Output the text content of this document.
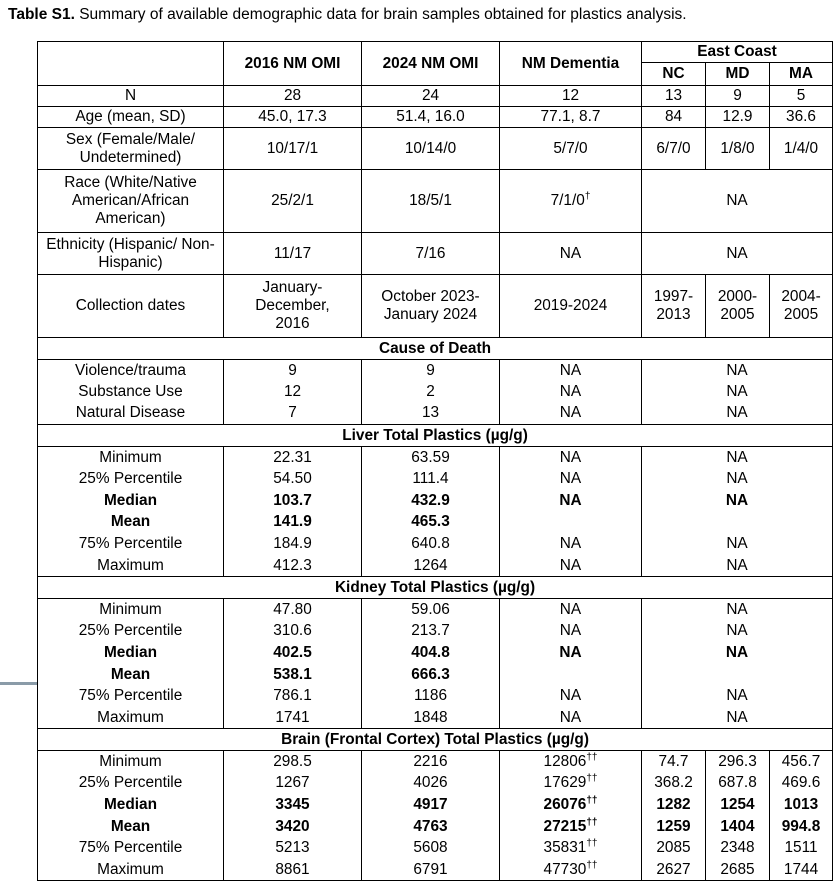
Table S1. Summary of available demographic data for brain samples obtained for plastics analysis.
	2016 NM OMI	2024 NM OMI	NM Dementia	East Coast		
				NC	MD	MA
N	28	24	12	13	9	5
Age (mean, SD)	45.0, 17.3	51.4, 16.0	77.1, 8.7	84	12.9	36.6
Sex (Female/Male/ Undetermined)	10/17/1	10/14/0	5/7/0	6/7/0	1/8/0	1/4/0
Race (White/Native American/African American)	25/2/1	18/5/1	7/1/0†	NA		
Ethnicity (Hispanic/ Non-Hispanic)	11/17	7/16	NA	NA		
Collection dates	January-December, 2016	October 2023-January 2024	2019-2024	1997-2013	2000-2005	2004-2005
Cause of Death						
Violence/trauma	9	9	NA	NA		
Substance Use	12	2	NA	NA		
Natural Disease	7	13	NA	NA		
Liver Total Plastics (µg/g)						
Minimum	22.31	63.59	NA	NA		
25% Percentile	54.50	111.4	NA	NA		
Median	103.7	432.9	NA	NA		
Mean	141.9	465.3				
75% Percentile	184.9	640.8	NA	NA		
Maximum	412.3	1264	NA	NA		
Kidney Total Plastics (µg/g)						
Minimum	47.80	59.06	NA	NA		
25% Percentile	310.6	213.7	NA	NA		
Median	402.5	404.8	NA	NA		
Mean	538.1	666.3				
75% Percentile	786.1	1186	NA	NA		
Maximum	1741	1848	NA	NA		
Brain (Frontal Cortex) Total Plastics (µg/g)						
Minimum	298.5	2216	12806††	74.7	296.3	456.7
25% Percentile	1267	4026	17629††	368.2	687.8	469.6
Median	3345	4917	26076††	1282	1254	1013
Mean	3420	4763	27215††	1259	1404	994.8
75% Percentile	5213	5608	35831††	2085	2348	1511
Maximum	8861	6791	47730††	2627	2685	1744
